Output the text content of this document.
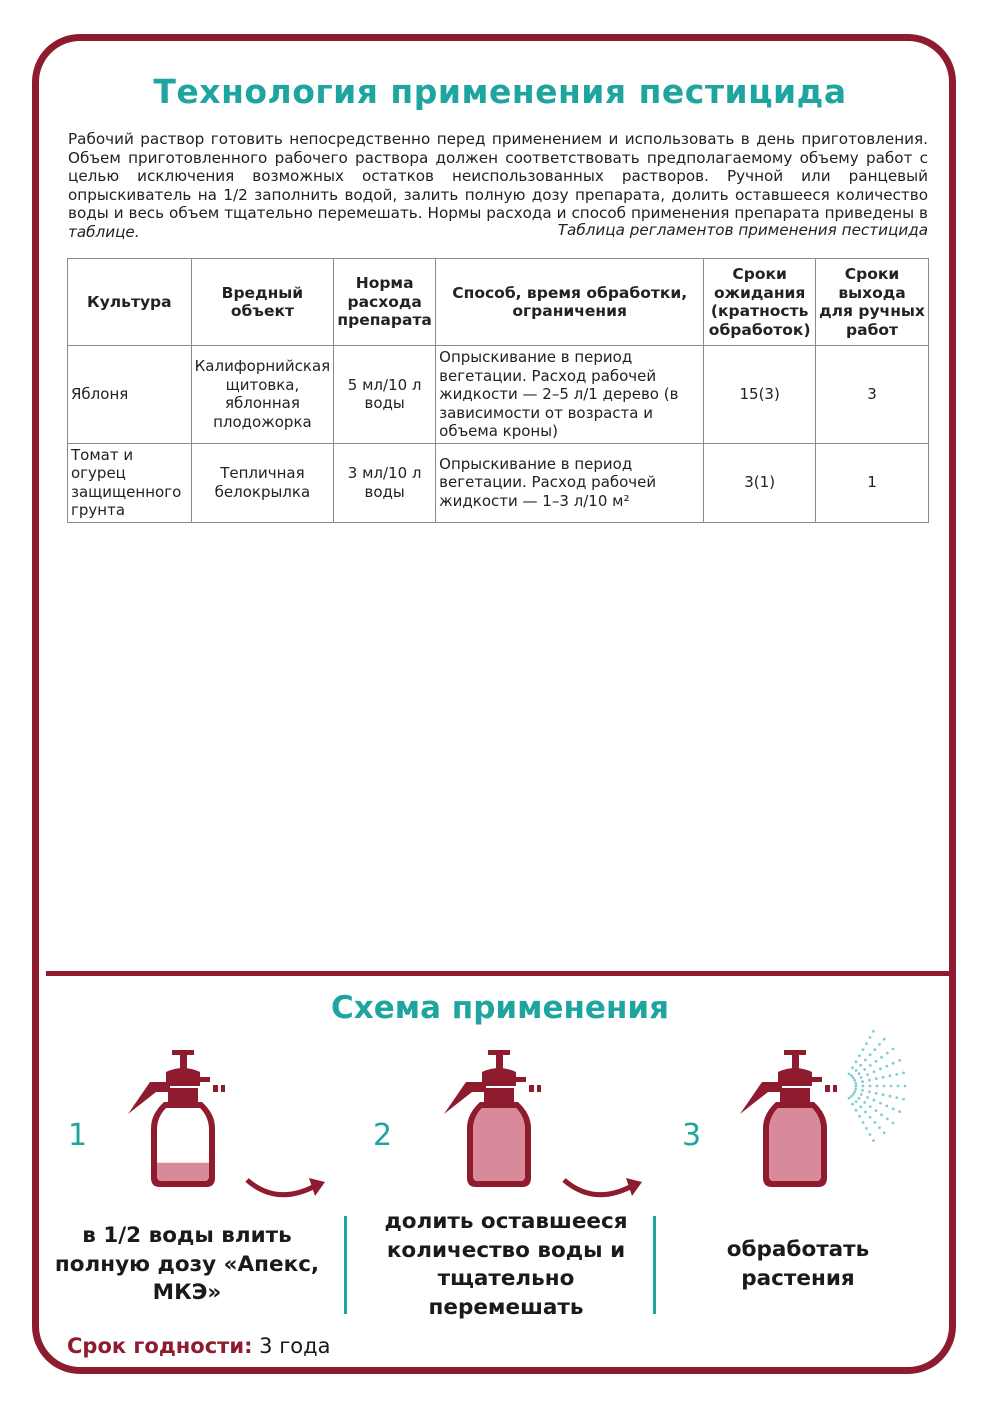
Технология применения пестицида
Рабочий раствор готовить непосредственно перед применением и использовать в день приготовления. Объем приготовленного рабочего раствора должен соответствовать предполагаемому объему работ с целью исключения возможных остатков неиспользованных растворов. Ручной или ранцевый опрыскиватель на 1/2 заполнить водой, залить полную дозу препарата, долить оставшееся количество воды и весь объем тщательно перемешать. Нормы расхода и способ применения препарата приведены в таблице.	Таблица регламентов применения пестицида
Культура	Вредный объект	Норма расхода препарата	Способ, время обработки, ограничения	Сроки ожидания (кратность обработок)	Сроки выхода для ручных работ
Яблоня	Калифорнийская щитовка, яблонная плодожорка	5 мл/10 л воды	Опрыскивание в период вегетации. Расход рабочей жидкости — 2–5 л/1 дерево (в зависимости от возраста и объема кроны)	15(3)	3
Томат и огурец защищенного грунта	Тепличная белокрылка	3 мл/10 л воды	Опрыскивание в период вегетации. Расход рабочей жидкости — 1–3 л/10 м²	3(1)	1
Схема применения
1	2	3
в 1/2 воды влить полную дозу «Апекс, МКЭ»
долить оставшееся количество воды и тщательно перемешать
обработать растения
Срок годности: 3 года
